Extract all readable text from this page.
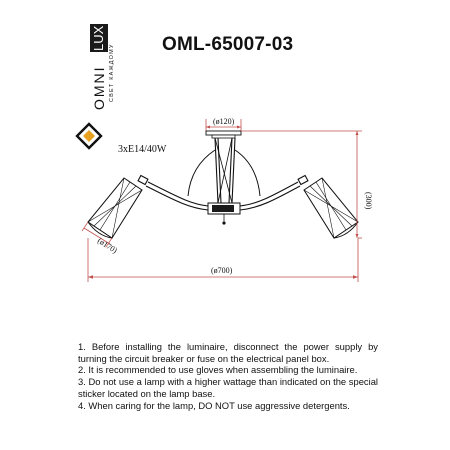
LUX
OMNI СВЕТ КАЖДОМУ OML-65007-03
(ø120)
(ø170)
(300)
(ø700)
3xE14/40W

1. Before installing the luminaire, disconnect the power supply by turning the circuit breaker or fuse on the electrical panel box.

2. It is recommended to use gloves when assembling the luminaire.

3. Do not use a lamp with a higher wattage than indicated on the special sticker located on the lamp base.

4. When caring for the lamp, DO NOT use aggressive detergents.
